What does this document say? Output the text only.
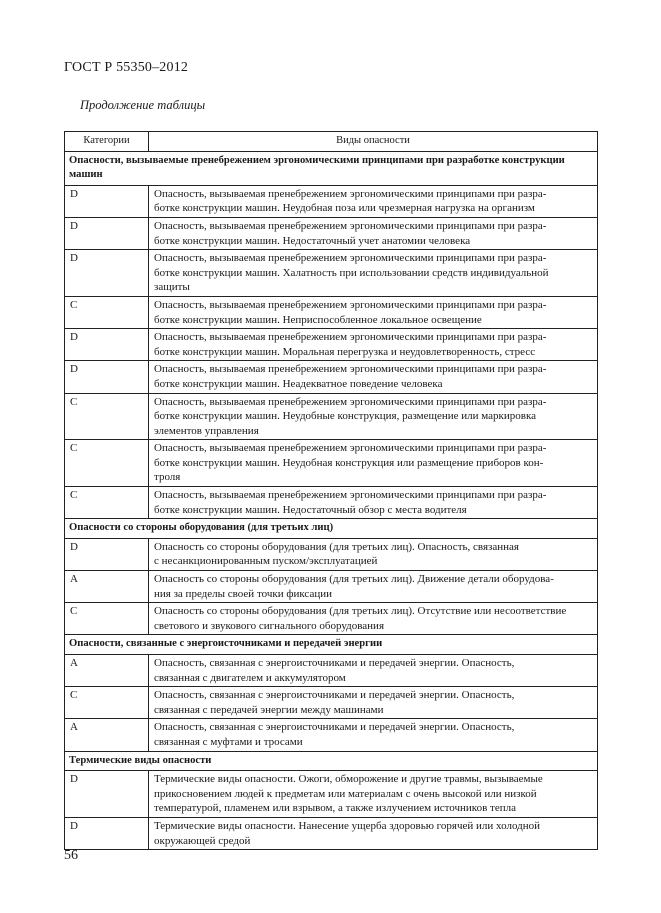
ГОСТ Р 55350–2012
Продолжение таблицы
Категории	Виды опасности
Опасности, вызываемые пренебрежением эргономическими принципами при разработке конструкции машин	
D	Опасность, вызываемая пренебрежением эргономическими принципами при разра-
ботке конструкции машин. Неудобная поза или чрезмерная нагрузка на организм

D	Опасность, вызываемая пренебрежением эргономическими принципами при разра-
ботке конструкции машин. Недостаточный учет анатомии человека

D	Опасность, вызываемая пренебрежением эргономическими принципами при разра-
ботке конструкции машин. Халатность при использовании средств индивидуальной
защиты

C	Опасность, вызываемая пренебрежением эргономическими принципами при разра-
ботке конструкции машин. Неприспособленное локальное освещение

D	Опасность, вызываемая пренебрежением эргономическими принципами при разра-
ботке конструкции машин. Моральная перегрузка и неудовлетворенность, стресс

D	Опасность, вызываемая пренебрежением эргономическими принципами при разра-
ботке конструкции машин. Неадекватное поведение человека

C	Опасность, вызываемая пренебрежением эргономическими принципами при разра-
ботке конструкции машин. Неудобные конструкция, размещение или маркировка
элементов управления

C	Опасность, вызываемая пренебрежением эргономическими принципами при разра-
ботке конструкции машин. Неудобная конструкция или размещение приборов кон-
троля

C	Опасность, вызываемая пренебрежением эргономическими принципами при разра-
ботке конструкции машин. Недостаточный обзор с места водителя

Опасности со стороны оборудования (для третьих лиц)	
D	Опасность со стороны оборудования (для третьих лиц). Опасность, связанная
с несанкционированным пуском/эксплуатацией

A	Опасность со стороны оборудования (для третьих лиц). Движение детали оборудова-
ния за пределы своей точки фиксации

C	Опасность со стороны оборудования (для третьих лиц). Отсутствие или несоответствие
светового и звукового сигнального оборудования

Опасности, связанные с энергоисточниками и передачей энергии	
A	Опасность, связанная с энергоисточниками и передачей энергии. Опасность,
связанная с двигателем и аккумулятором

C	Опасность, связанная с энергоисточниками и передачей энергии. Опасность,
связанная с передачей энергии между машинами

A	Опасность, связанная с энергоисточниками и передачей энергии. Опасность,
связанная с муфтами и тросами

Термические виды опасности	
D	Термические виды опасности. Ожоги, обморожение и другие травмы, вызываемые
прикосновением людей к предметам или материалам с очень высокой или низкой
температурой, пламенем или взрывом, а также излучением источников тепла

D	Термические виды опасности. Нанесение ущерба здоровью горячей или холодной
окружающей средой
56
